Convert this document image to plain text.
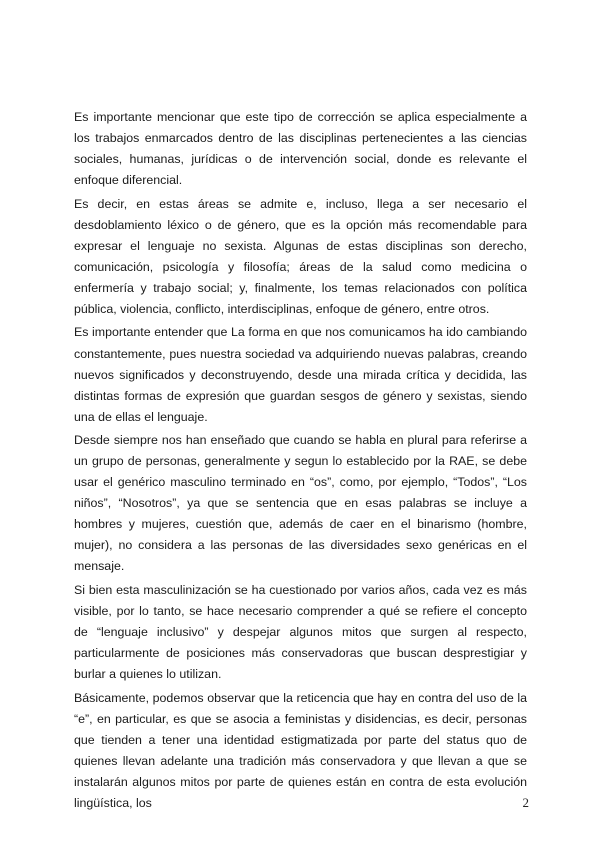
Es importante mencionar que este tipo de corrección se aplica especialmente a los trabajos enmarcados dentro de las disciplinas pertenecientes a las ciencias sociales, humanas, jurídicas o de intervención social, donde es relevante el enfoque diferencial.

Es decir, en estas áreas se admite e, incluso, llega a ser necesario el desdoblamiento léxico o de género, que es la opción más recomendable para expresar el lenguaje no sexista. Algunas de estas disciplinas son derecho, comunicación, psicología y filosofía; áreas de la salud como medicina o enfermería y trabajo social; y, finalmente, los temas relacionados con política pública, violencia, conflicto, interdisciplinas, enfoque de género, entre otros.

Es importante entender que La forma en que nos comunicamos ha ido cambiando constantemente, pues nuestra sociedad va adquiriendo nuevas palabras, creando nuevos significados y deconstruyendo, desde una mirada crítica y decidida, las distintas formas de expresión que guardan sesgos de género y sexistas, siendo una de ellas el lenguaje.

Desde siempre nos han enseñado que cuando se habla en plural para referirse a un grupo de personas, generalmente y segun lo establecido por la RAE, se debe usar el genérico masculino terminado en “os”, como, por ejemplo, “Todos”, “Los niños”, “Nosotros”, ya que se sentencia que en esas palabras se incluye a hombres y mujeres, cuestión que, además de caer en el binarismo (hombre, mujer), no considera a las personas de las diversidades sexo genéricas en el mensaje.

Si bien esta masculinización se ha cuestionado por varios años, cada vez es más visible, por lo tanto, se hace necesario comprender a qué se refiere el concepto de “lenguaje inclusivo” y despejar algunos mitos que surgen al respecto, particularmente de posiciones más conservadoras que buscan desprestigiar y burlar a quienes lo utilizan.

Básicamente, podemos observar que la reticencia que hay en contra del uso de la “e”, en particular, es que se asocia a feministas y disidencias, es decir, personas que tienden a tener una identidad estigmatizada por parte del status quo de quienes llevan adelante una tradición más conservadora y que llevan a que se instalarán algunos mitos por parte de quienes están en contra de esta evolución lingüística, los	2
